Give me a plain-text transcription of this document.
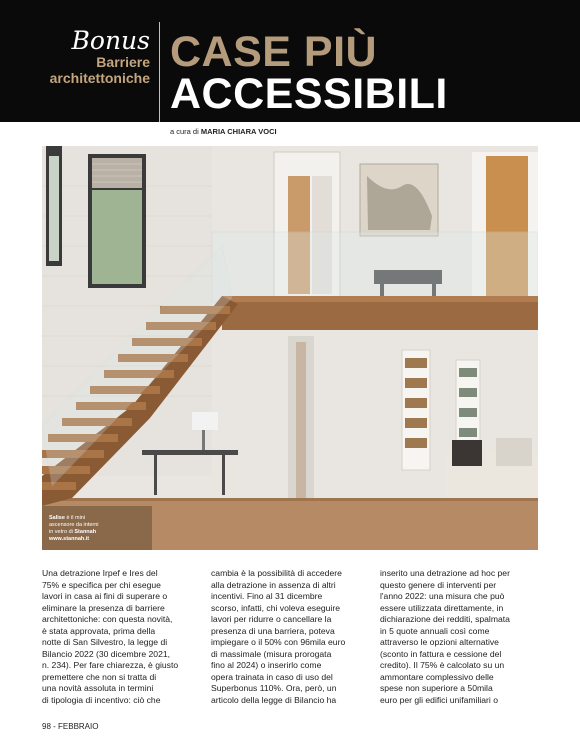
Bonus
Barriere
architettoniche
CASE PIÙ
ACCESSIBILI
a cura di MARIA CHIARA VOCI
Salise è il mini
ascensore da interni
in vetro di Stannah
www.stannah.it
Una detrazione Irpef e Ires del
75% e specifica per chi esegue
lavori in casa ai fini di superare o
eliminare la presenza di barriere
architettoniche: con questa novità,
è stata approvata, prima della
notte di San Silvestro, la legge di
Bilancio 2022 (30 dicembre 2021,
n. 234). Per fare chiarezza, è giusto
premettere che non si tratta di
una novità assoluta in termini
di tipologia di incentivo: ciò che
cambia è la possibilità di accedere
alla detrazione in assenza di altri
incentivi. Fino al 31 dicembre
scorso, infatti, chi voleva eseguire
lavori per ridurre o cancellare la
presenza di una barriera, poteva
impiegare o il 50% con 96mila euro
di massimale (misura prorogata
fino al 2024) o inserirlo come
opera trainata in caso di uso del
Superbonus 110%. Ora, però, un
articolo della legge di Bilancio ha
inserito una detrazione ad hoc per
questo genere di interventi per
l'anno 2022: una misura che può
essere utilizzata direttamente, in
dichiarazione dei redditi, spalmata
in 5 quote annuali così come
attraverso le opzioni alternative
(sconto in fattura e cessione del
credito). Il 75% è calcolato su un
ammontare complessivo delle
spese non superiore a 50mila
euro per gli edifici unifamiliari o
98 - FEBBRAIO
